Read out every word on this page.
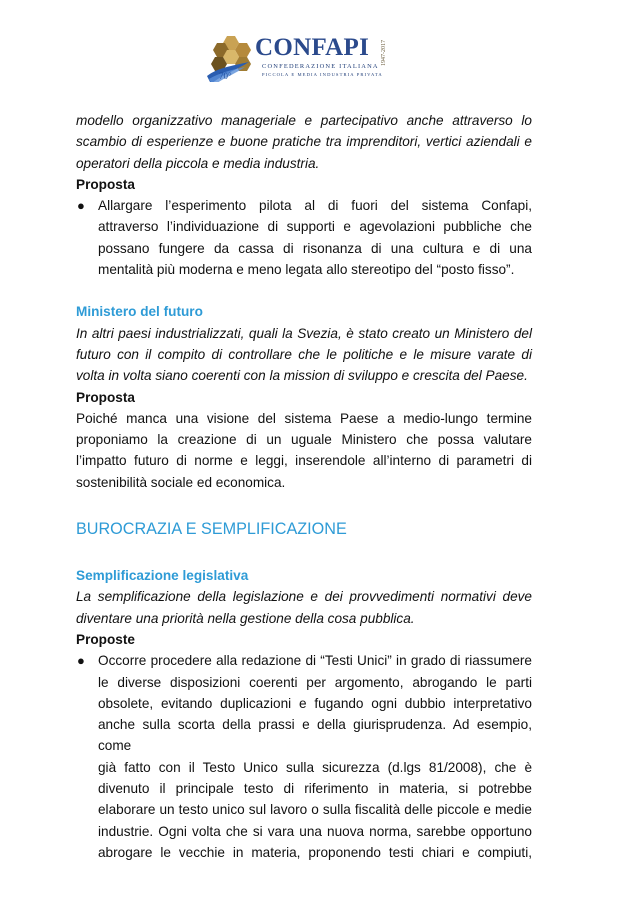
CONFAPI
CONFEDERAZIONE ITALIANA
PICCOLA E MEDIA INDUSTRIA PRIVATA
1947-2017
70°
modello organizzativo manageriale e partecipativo anche attraverso lo
scambio di esperienze e buone pratiche tra imprenditori, vertici aziendali e
operatori della piccola e media industria.
Proposta
● Allargare l’esperimento pilota al di fuori del sistema Confapi,
attraverso l’individuazione di supporti e agevolazioni pubbliche che
possano fungere da cassa di risonanza di una cultura e di una
mentalità più moderna e meno legata allo stereotipo del “posto fisso”.
Ministero del futuro
In altri paesi industrializzati, quali la Svezia, è stato creato un Ministero del
futuro con il compito di controllare che le politiche e le misure varate di
volta in volta siano coerenti con la mission di sviluppo e crescita del Paese.
Proposta
Poiché manca una visione del sistema Paese a medio-lungo termine
proponiamo la creazione di un uguale Ministero che possa valutare
l’impatto futuro di norme e leggi, inserendole all’interno di parametri di
sostenibilità sociale ed economica.
BUROCRAZIA E SEMPLIFICAZIONE
Semplificazione legislativa
La semplificazione della legislazione e dei provvedimenti normativi deve
diventare una priorità nella gestione della cosa pubblica.
Proposte
● Occorre procedere alla redazione di “Testi Unici” in grado di riassumere
le diverse disposizioni coerenti per argomento, abrogando le parti
obsolete, evitando duplicazioni e fugando ogni dubbio interpretativo
anche sulla scorta della prassi e della giurisprudenza. Ad esempio, come
già fatto con il Testo Unico sulla sicurezza (d.lgs 81/2008), che è
divenuto il principale testo di riferimento in materia, si potrebbe
elaborare un testo unico sul lavoro o sulla fiscalità delle piccole e medie
industrie. Ogni volta che si vara una nuova norma, sarebbe opportuno
abrogare le vecchie in materia, proponendo testi chiari e compiuti,
